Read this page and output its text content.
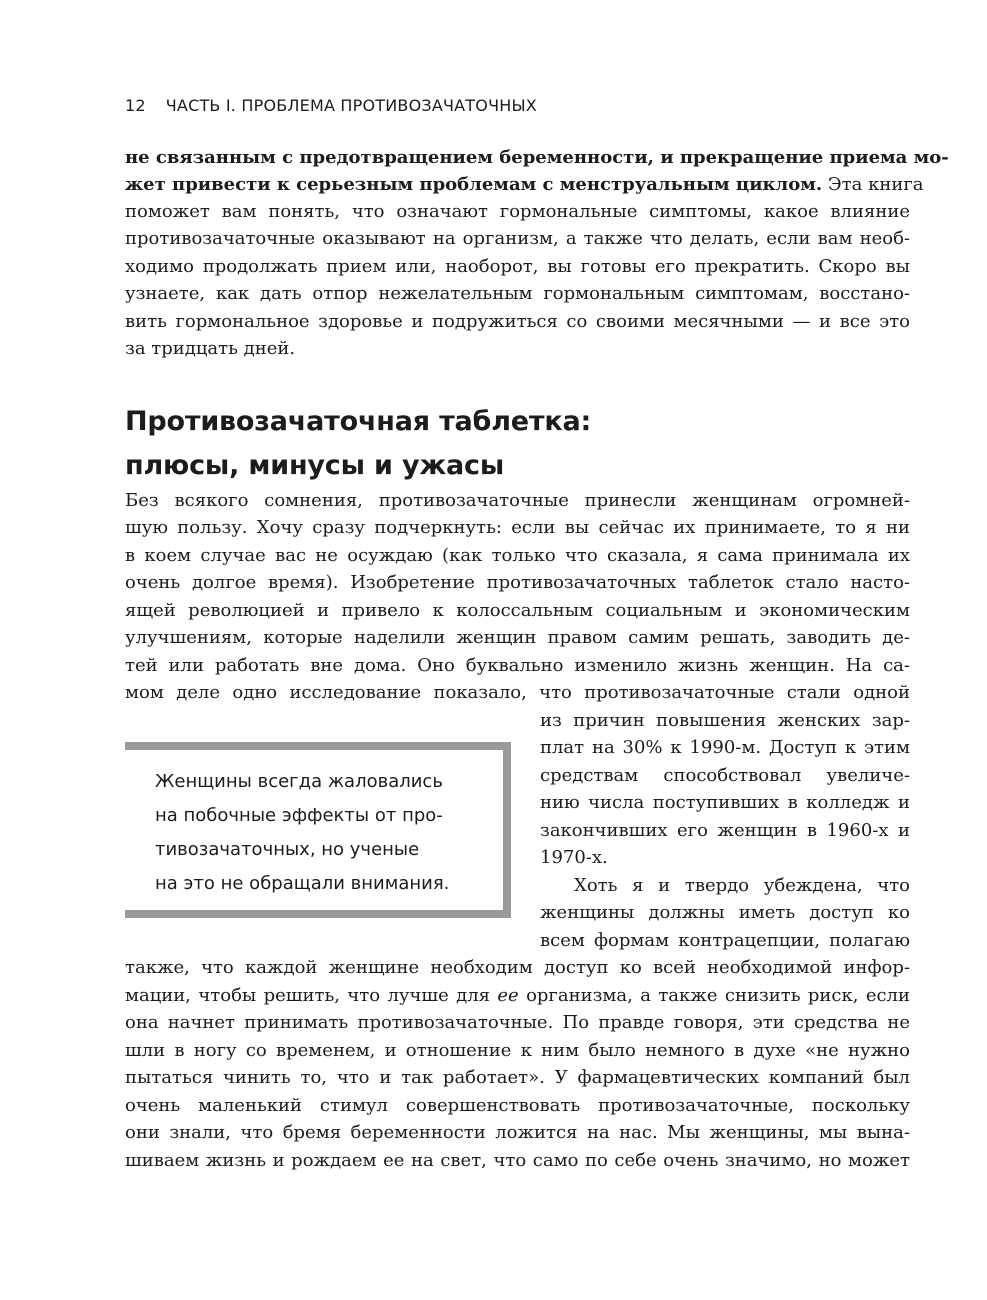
12 ЧАСТЬ I. ПРОБЛЕМА ПРОТИВОЗАЧАТОЧНЫХ
не связанным с предотвращением беременности, и прекращение приема мо-
жет привести к серьезным проблемам с менструальным циклом. Эта книга
поможет вам понять, что означают гормональные симптомы, какое влияние
противозачаточные оказывают на организм, а также что делать, если вам необ-
ходимо продолжать прием или, наоборот, вы готовы его прекратить. Скоро вы
узнаете, как дать отпор нежелательным гормональным симптомам, восстано-
вить гормональное здоровье и подружиться со своими месячными — и все это
за тридцать дней.
Противозачаточная таблетка:
плюсы, минусы и ужасы
Без всякого сомнения, противозачаточные принесли женщинам огромней-
шую пользу. Хочу сразу подчеркнуть: если вы сейчас их принимаете, то я ни
в коем случае вас не осуждаю (как только что сказала, я сама принимала их
очень долгое время). Изобретение противозачаточных таблеток стало насто-
ящей революцией и привело к колоссальным социальным и экономическим
улучшениям, которые наделили женщин правом самим решать, заводить де-
тей или работать вне дома. Оно буквально изменило жизнь женщин. На са-
мом деле одно исследование показало, что противозачаточные стали одной
из причин повышения женских зар-
плат на 30% к 1990-м. Доступ к этим
средствам способствовал увеличе-
нию числа поступивших в колледж и
закончивших его женщин в 1960-х и
1970-х.
Хоть я и твердо убеждена, что
женщины должны иметь доступ ко
всем формам контрацепции, полагаю
также, что каждой женщине необходим доступ ко всей необходимой инфор-
мации, чтобы решить, что лучше для ее организма, а также снизить риск, если
она начнет принимать противозачаточные. По правде говоря, эти средства не
шли в ногу со временем, и отношение к ним было немного в духе «не нужно
пытаться чинить то, что и так работает». У фармацевтических компаний был
очень маленький стимул совершенствовать противозачаточные, поскольку
они знали, что бремя беременности ложится на нас. Мы женщины, мы вына-
шиваем жизнь и рождаем ее на свет, что само по себе очень значимо, но может
Женщины всегда жаловались
на побочные эффекты от про-
тивозачаточных, но ученые
на это не обращали внимания.
